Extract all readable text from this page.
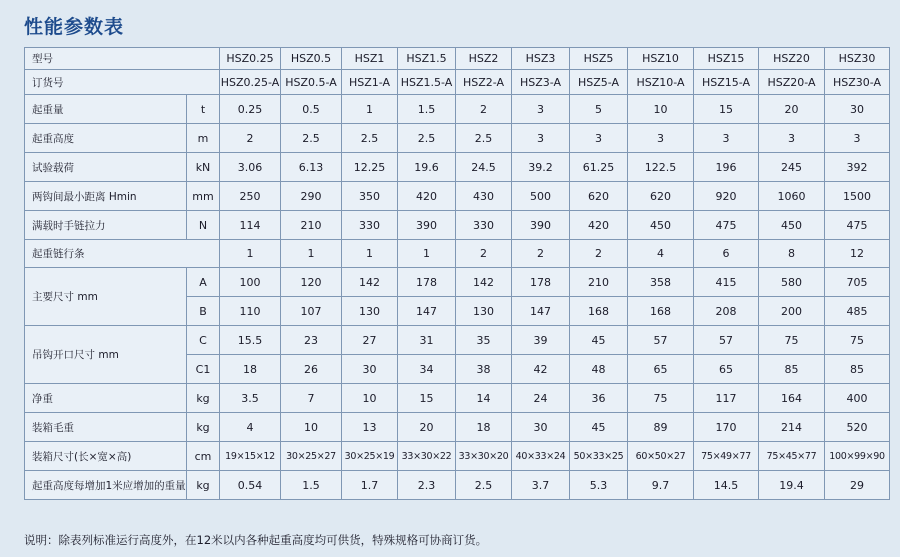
性能参数表
型号		HSZ0.25	HSZ0.5	HSZ1	HSZ1.5	HSZ2	HSZ3	HSZ5	HSZ10	HSZ15	HSZ20	HSZ30
订货号		HSZ0.25-A	HSZ0.5-A	HSZ1-A	HSZ1.5-A	HSZ2-A	HSZ3-A	HSZ5-A	HSZ10-A	HSZ15-A	HSZ20-A	HSZ30-A
起重量	t	0.25	0.5	1	1.5	2	3	5	10	15	20	30
起重高度	m	2	2.5	2.5	2.5	2.5	3	3	3	3	3	3
试验载荷	kN	3.06	6.13	12.25	19.6	24.5	39.2	61.25	122.5	196	245	392
两钩间最小距离 Hmin	mm	250	290	350	420	430	500	620	620	920	1060	1500
满载时手链拉力	N	114	210	330	390	330	390	420	450	475	450	475
起重链行条		1	1	1	1	2	2	2	4	6	8	12
主要尺寸 mm	A	100	120	142	178	142	178	210	358	415	580	705
	B	110	107	130	147	130	147	168	168	208	200	485
吊钩开口尺寸 mm	C	15.5	23	27	31	35	39	45	57	57	75	75
	C1	18	26	30	34	38	42	48	65	65	85	85
净重	kg	3.5	7	10	15	14	24	36	75	117	164	400
装箱毛重	kg	4	10	13	20	18	30	45	89	170	214	520
装箱尺寸(长×宽×高)	cm	19×15×12	30×25×27	30×25×19	33×30×22	33×30×20	40×33×24	50×33×25	60×50×27	75×49×77	75×45×77	100×99×90
起重高度每增加1米应增加的重量	kg	0.54	1.5	1.7	2.3	2.5	3.7	5.3	9.7	14.5	19.4	29
说明：除表列标准运行高度外，在12米以内各种起重高度均可供货，特殊规格可协商订货。
